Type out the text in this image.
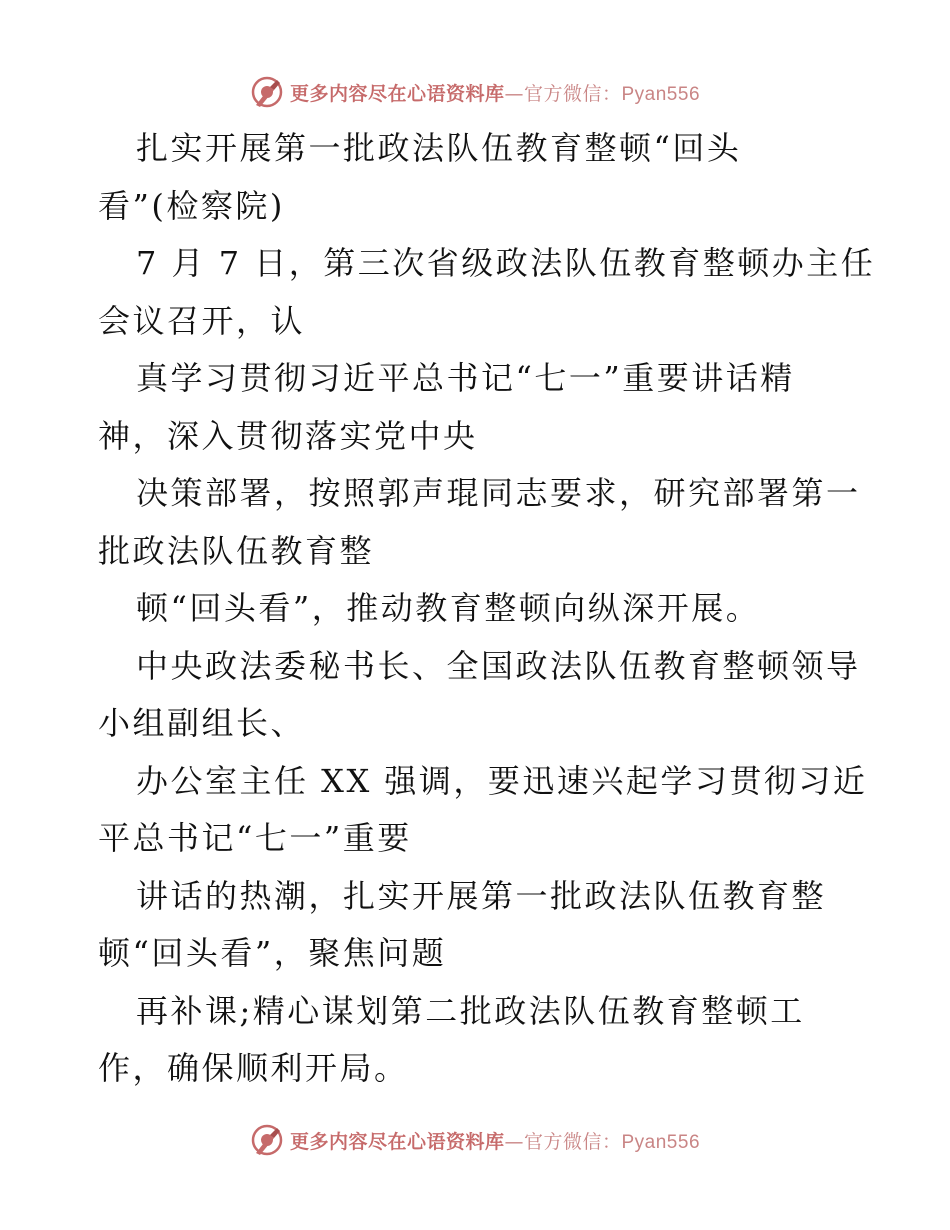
更多内容尽在心语资料库—官方微信：Pyan556
扎实开展第一批政法队伍教育整顿“回头
看”(检察院)
7 月 7 日，第三次省级政法队伍教育整顿办主任
会议召开，认
真学习贯彻习近平总书记“七一”重要讲话精
神，深入贯彻落实党中央
决策部署，按照郭声琨同志要求，研究部署第一
批政法队伍教育整
顿“回头看”，推动教育整顿向纵深开展。
中央政法委秘书长、全国政法队伍教育整顿领导
小组副组长、
办公室主任 XX 强调，要迅速兴起学习贯彻习近
平总书记“七一”重要
讲话的热潮，扎实开展第一批政法队伍教育整
顿“回头看”，聚焦问题
再补课;精心谋划第二批政法队伍教育整顿工
作，确保顺利开局。
更多内容尽在心语资料库—官方微信：Pyan556
